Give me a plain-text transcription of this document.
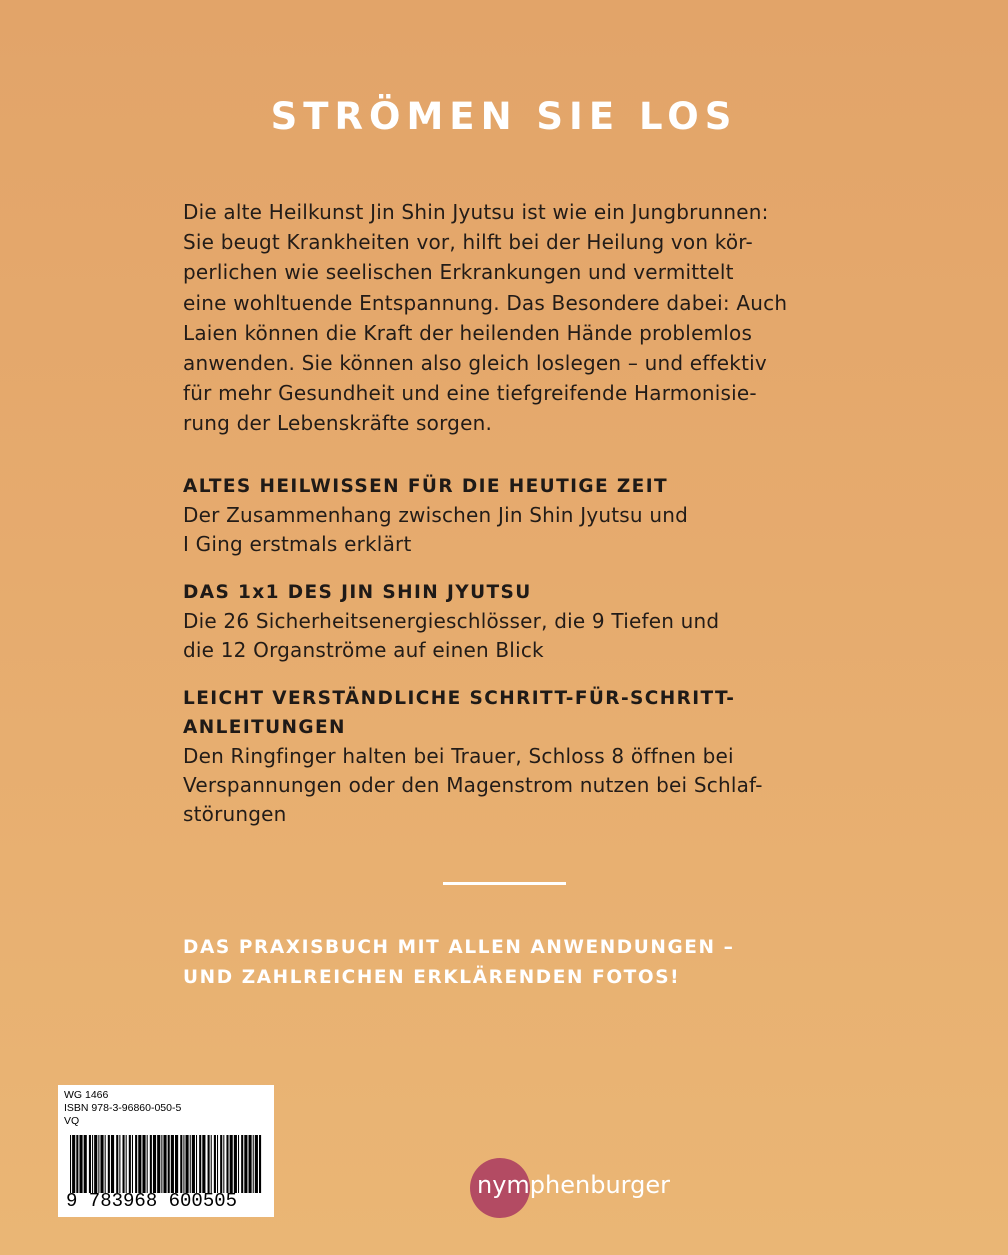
STRÖMEN SIE LOS
Die alte Heilkunst Jin Shin Jyutsu ist wie ein Jungbrunnen:
Sie beugt Krankheiten vor, hilft bei der Heilung von kör-
perlichen wie seelischen Erkrankungen und vermittelt
eine wohltuende Entspannung. Das Besondere dabei: Auch
Laien können die Kraft der heilenden Hände problemlos
anwenden. Sie können also gleich loslegen – und effektiv
für mehr Gesundheit und eine tiefgreifende Harmonisie-
rung der Lebenskräfte sorgen.
ALTES HEILWISSEN FÜR DIE HEUTIGE ZEIT
Der Zusammenhang zwischen Jin Shin Jyutsu und
I Ging erstmals erklärt
DAS 1x1 DES JIN SHIN JYUTSU
Die 26 Sicherheitsenergieschlösser, die 9 Tiefen und
die 12 Organströme auf einen Blick
LEICHT VERSTÄNDLICHE SCHRITT-FÜR-SCHRITT-
ANLEITUNGEN
Den Ringfinger halten bei Trauer, Schloss 8 öffnen bei
Verspannungen oder den Magenstrom nutzen bei Schlaf-
störungen
DAS PRAXISBUCH MIT ALLEN ANWENDUNGEN –
UND ZAHLREICHEN ERKLÄRENDEN FOTOS!
WG 1466
ISBN 978-3-96860-050-5
VQ
9 783968 600505
nymphenburger
